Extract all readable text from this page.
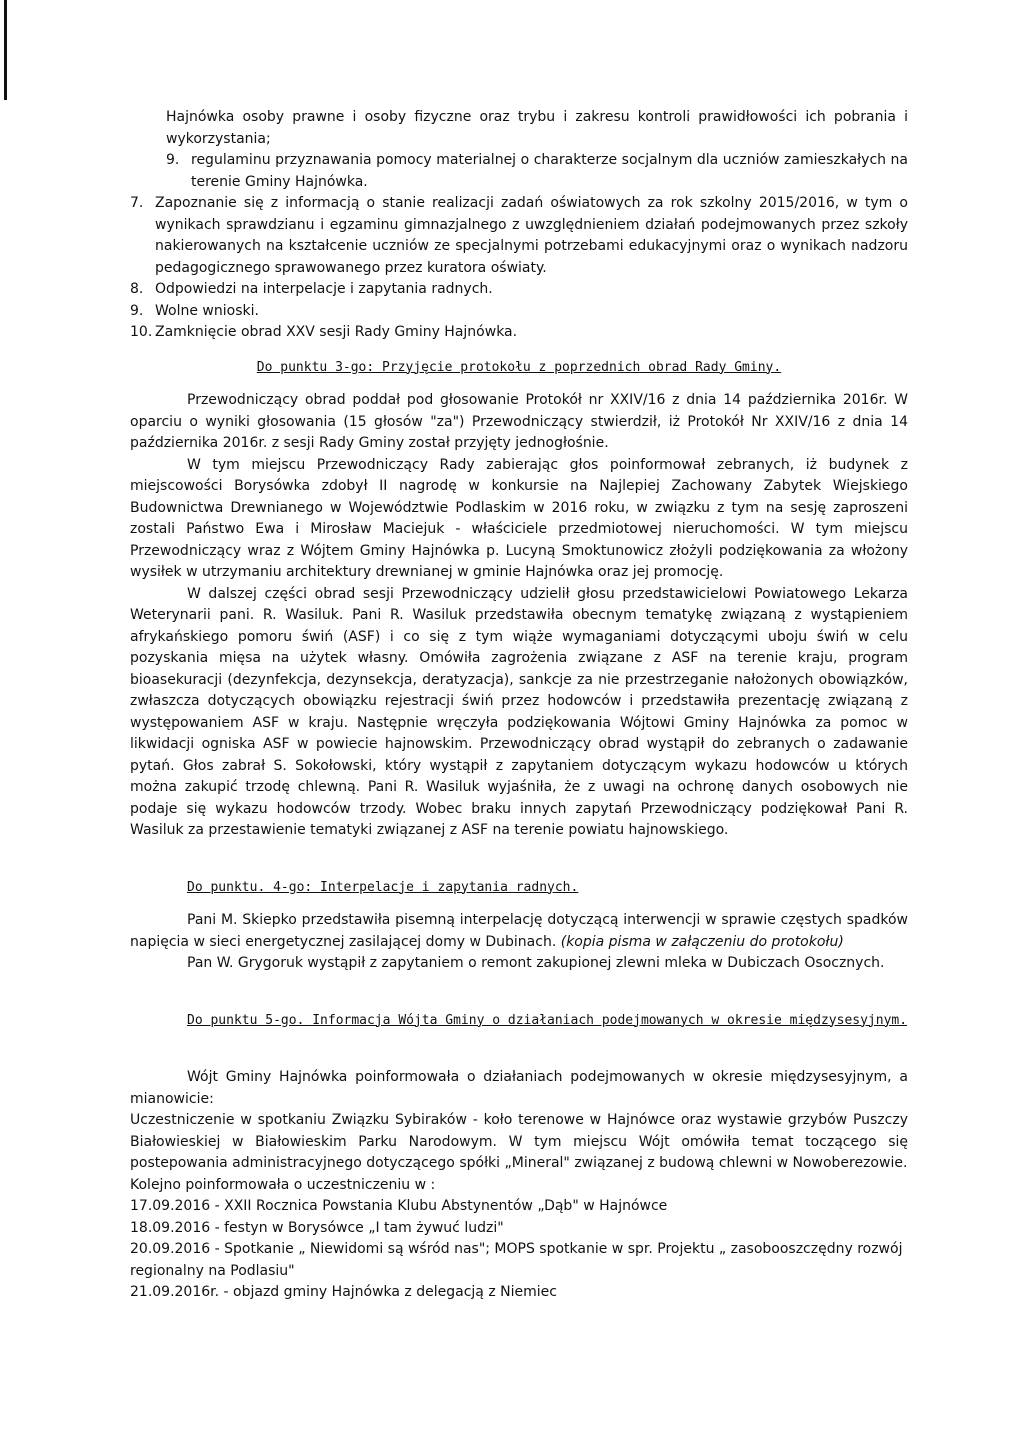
Hajnówka osoby prawne i osoby fizyczne oraz trybu i zakresu kontroli prawidłowości ich pobrania i wykorzystania;

9. regulaminu przyznawania pomocy materialnej o charakterze socjalnym dla uczniów zamieszkałych na terenie Gminy Hajnówka.
7. Zapoznanie się z informacją o stanie realizacji zadań oświatowych za rok szkolny 2015/2016, w tym o wynikach sprawdzianu i egzaminu gimnazjalnego z uwzględnieniem działań podejmowanych przez szkoły nakierowanych na kształcenie uczniów ze specjalnymi potrzebami edukacyjnymi oraz o wynikach nadzoru pedagogicznego sprawowanego przez kuratora oświaty.
8. Odpowiedzi na interpelacje i zapytania radnych.
9. Wolne wnioski.
10. Zamknięcie obrad XXV sesji Rady Gminy Hajnówka.

Do punktu 3-go: Przyjęcie protokołu z poprzednich obrad Rady Gminy.

Przewodniczący obrad poddał pod głosowanie Protokół nr XXIV/16 z dnia 14 października 2016r. W oparciu o wyniki głosowania (15 głosów "za") Przewodniczący stwierdził, iż Protokół Nr XXIV/16 z dnia 14 października 2016r. z sesji Rady Gminy został przyjęty jednogłośnie.

W tym miejscu Przewodniczący Rady zabierając głos poinformował zebranych, iż budynek z miejscowości Borysówka zdobył II nagrodę w konkursie na Najlepiej Zachowany Zabytek Wiejskiego Budownictwa Drewnianego w Województwie Podlaskim w 2016 roku, w związku z tym na sesję zaproszeni zostali Państwo Ewa i Mirosław Maciejuk - właściciele przedmiotowej nieruchomości. W tym miejscu Przewodniczący wraz z Wójtem Gminy Hajnówka p. Lucyną Smoktunowicz złożyli podziękowania za włożony wysiłek w utrzymaniu architektury drewnianej w gminie Hajnówka oraz jej promocję.

W dalszej części obrad sesji Przewodniczący udzielił głosu przedstawicielowi Powiatowego Lekarza Weterynarii pani. R. Wasiluk. Pani R. Wasiluk przedstawiła obecnym tematykę związaną z wystąpieniem afrykańskiego pomoru świń (ASF) i co się z tym wiąże wymaganiami dotyczącymi uboju świń w celu pozyskania mięsa na użytek własny. Omówiła zagrożenia związane z ASF na terenie kraju, program bioasekuracji (dezynfekcja, dezynsekcja, deratyzacja), sankcje za nie przestrzeganie nałożonych obowiązków, zwłaszcza dotyczących obowiązku rejestracji świń przez hodowców i przedstawiła prezentację związaną z występowaniem ASF w kraju. Następnie wręczyła podziękowania Wójtowi Gminy Hajnówka za pomoc w likwidacji ogniska ASF w powiecie hajnowskim. Przewodniczący obrad wystąpił do zebranych o zadawanie pytań. Głos zabrał S. Sokołowski, który wystąpił z zapytaniem dotyczącym wykazu hodowców u których można zakupić trzodę chlewną. Pani R. Wasiluk wyjaśniła, że z uwagi na ochronę danych osobowych nie podaje się wykazu hodowców trzody. Wobec braku innych zapytań Przewodniczący podziękował Pani R. Wasiluk za przestawienie tematyki związanej z ASF na terenie powiatu hajnowskiego.

Do punktu. 4-go: Interpelacje i zapytania radnych.

Pani M. Skiepko przedstawiła pisemną interpelację dotyczącą interwencji w sprawie częstych spadków napięcia w sieci energetycznej zasilającej domy w Dubinach. (kopia pisma w załączeniu do protokołu)

Pan W. Grygoruk wystąpił z zapytaniem o remont zakupionej zlewni mleka w Dubiczach Osocznych.

Do punktu 5-go. Informacja Wójta Gminy o działaniach podejmowanych w okresie międzysesyjnym.

Wójt Gminy Hajnówka poinformowała o działaniach podejmowanych w okresie międzysesyjnym, a mianowicie:

Uczestniczenie w spotkaniu Związku Sybiraków - koło terenowe w Hajnówce oraz wystawie grzybów Puszczy Białowieskiej w Białowieskim Parku Narodowym. W tym miejscu Wójt omówiła temat toczącego się postepowania administracyjnego dotyczącego spółki „Mineral" związanej z budową chlewni w Nowoberezowie.

Kolejno poinformowała o uczestniczeniu w :

17.09.2016 - XXII Rocznica Powstania Klubu Abstynentów „Dąb" w Hajnówce

18.09.2016 - festyn w Borysówce „I tam żywuć ludzi"

20.09.2016 - Spotkanie „ Niewidomi są wśród nas"; MOPS spotkanie w spr. Projektu „ zasobooszczędny rozwój regionalny na Podlasiu"

21.09.2016r. - objazd gminy Hajnówka z delegacją z Niemiec
